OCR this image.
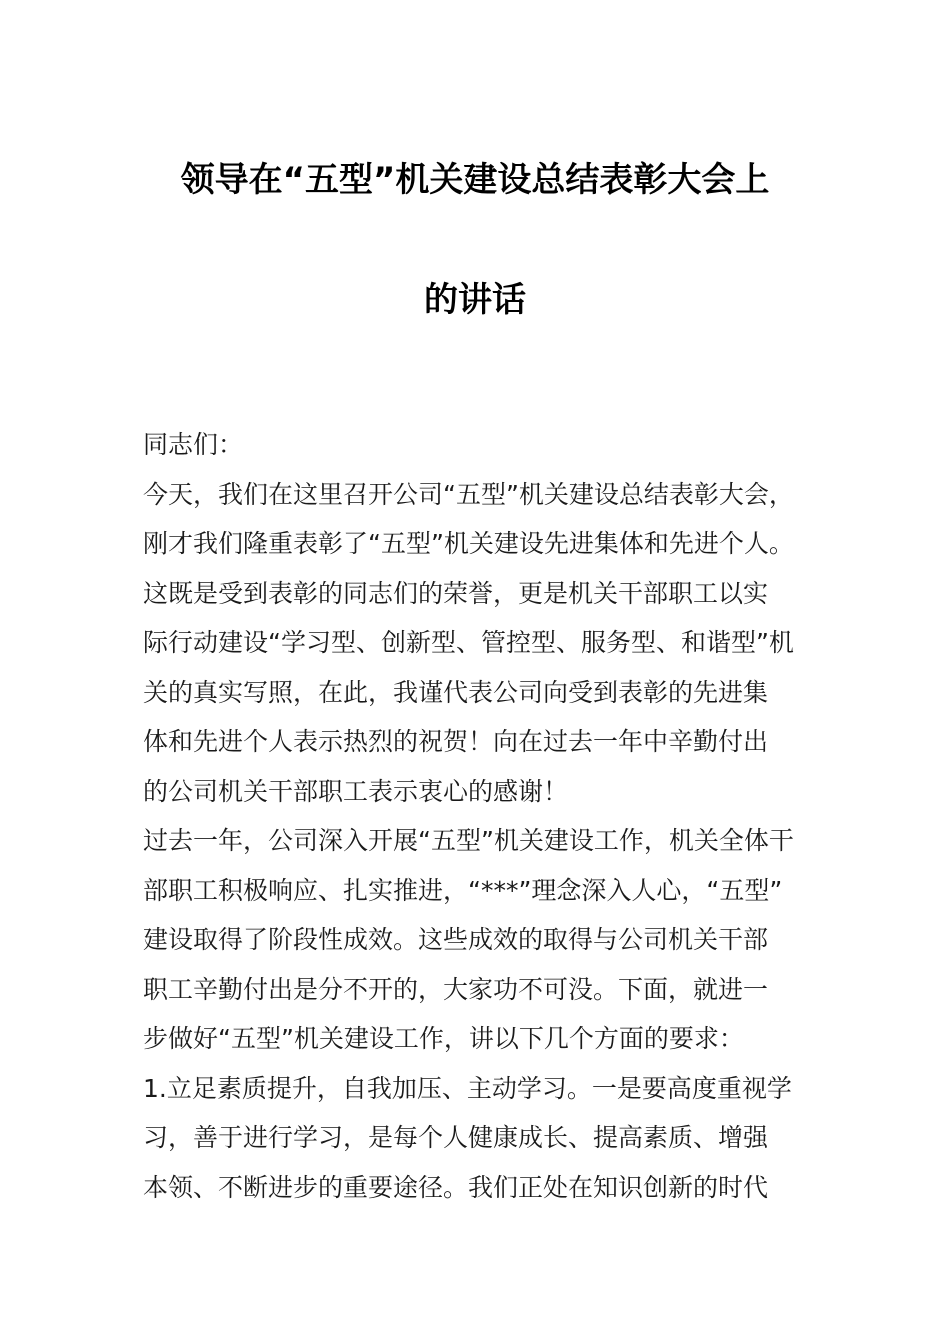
领导在“五型”机关建设总结表彰大会上
的讲话
同志们：
今天，我们在这里召开公司“五型”机关建设总结表彰大会，
刚才我们隆重表彰了“五型”机关建设先进集体和先进个人。
这既是受到表彰的同志们的荣誉，更是机关干部职工以实
际行动建设“学习型、创新型、管控型、服务型、和谐型”机
关的真实写照，在此，我谨代表公司向受到表彰的先进集
体和先进个人表示热烈的祝贺！向在过去一年中辛勤付出
的公司机关干部职工表示衷心的感谢！
过去一年，公司深入开展“五型”机关建设工作，机关全体干
部职工积极响应、扎实推进，“***”理念深入人心，“五型”
建设取得了阶段性成效。这些成效的取得与公司机关干部
职工辛勤付出是分不开的，大家功不可没。下面，就进一
步做好“五型”机关建设工作，讲以下几个方面的要求：
1.立足素质提升，自我加压、主动学习。一是要高度重视学
习，善于进行学习，是每个人健康成长、提高素质、增强
本领、不断进步的重要途径。我们正处在知识创新的时代
